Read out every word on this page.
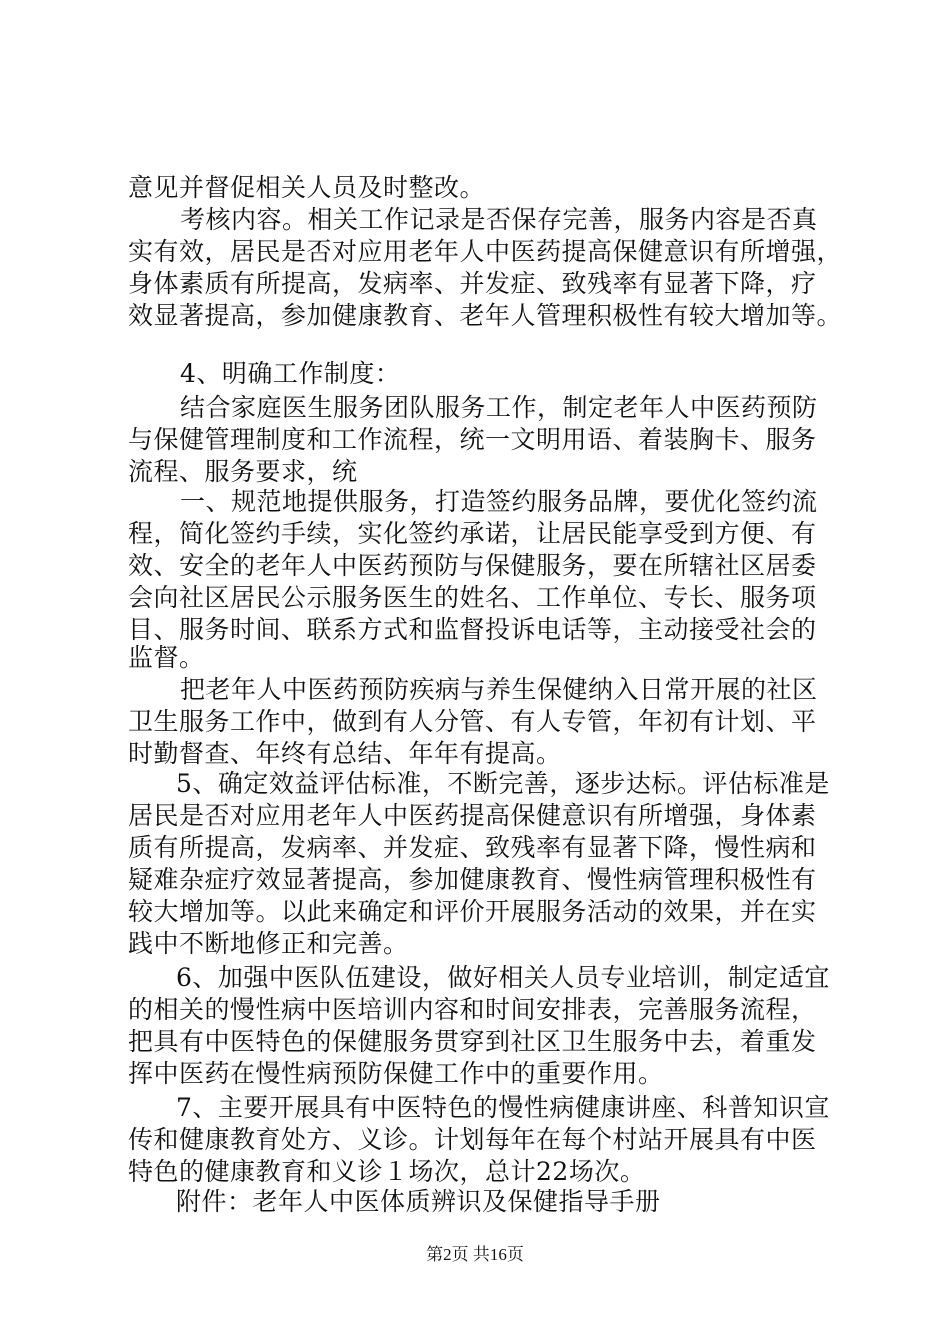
意见并督促相关人员及时整改。
考核内容。相关工作记录是否保存完善，服务内容是否真
实有效，居民是否对应用老年人中医药提高保健意识有所增强，
身体素质有所提高，发病率、并发症、致残率有显著下降，疗
效显著提高，参加健康教育、老年人管理积极性有较大增加等。
4、明确工作制度：
结合家庭医生服务团队服务工作，制定老年人中医药预防
与保健管理制度和工作流程，统一文明用语、着装胸卡、服务
流程、服务要求，统
一、规范地提供服务，打造签约服务品牌，要优化签约流
程，简化签约手续，实化签约承诺，让居民能享受到方便、有
效、安全的老年人中医药预防与保健服务，要在所辖社区居委
会向社区居民公示服务医生的姓名、工作单位、专长、服务项
目、服务时间、联系方式和监督投诉电话等，主动接受社会的
监督。
把老年人中医药预防疾病与养生保健纳入日常开展的社区
卫生服务工作中，做到有人分管、有人专管，年初有计划、平
时勤督查、年终有总结、年年有提高。
5、确定效益评估标准，不断完善，逐步达标。评估标准是
居民是否对应用老年人中医药提高保健意识有所增强，身体素
质有所提高，发病率、并发症、致残率有显著下降，慢性病和
疑难杂症疗效显著提高，参加健康教育、慢性病管理积极性有
较大增加等。以此来确定和评价开展服务活动的效果，并在实
践中不断地修正和完善。
6、加强中医队伍建设，做好相关人员专业培训，制定适宜
的相关的慢性病中医培训内容和时间安排表，完善服务流程，
把具有中医特色的保健服务贯穿到社区卫生服务中去，着重发
挥中医药在慢性病预防保健工作中的重要作用。
7、主要开展具有中医特色的慢性病健康讲座、科普知识宣
传和健康教育处方、义诊。计划每年在每个村站开展具有中医
特色的健康教育和义诊１场次，总计22场次。
附件：老年人中医体质辨识及保健指导手册
第2页 共16页
